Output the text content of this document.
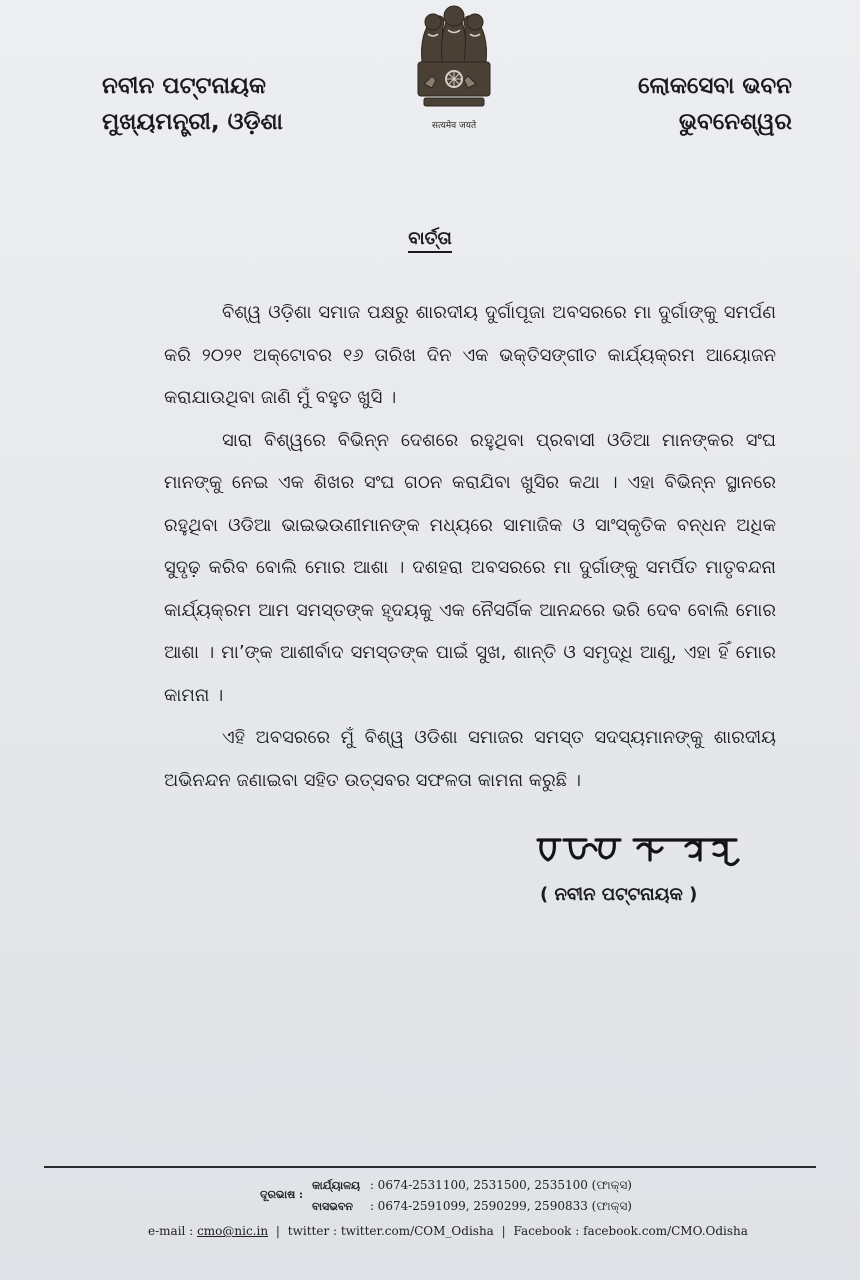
सत्यमेव जयते
ନବୀନ ପଟ୍ଟନାୟକ
ମୁଖ୍ୟମନ୍ତ୍ରୀ, ଓଡ଼ିଶା
ଲୋକସେବା ଭବନ
ଭୁବନେଶ୍ୱର
ବାର୍ତ୍ତା

ବିଶ୍ୱ ଓଡ଼ିଶା ସମାଜ ପକ୍ଷରୁ ଶାରଦୀୟ ଦୁର୍ଗାପୂଜା ଅବସରରେ ମା ଦୁର୍ଗାଙ୍କୁ ସମର୍ପଣ କରି ୨୦୨୧ ଅକ୍ଟୋବର ୧୬ ତାରିଖ ଦିନ ଏକ ଭକ୍ତିସଙ୍ଗୀତ କାର୍ଯ୍ୟକ୍ରମ ଆୟୋଜନ କରାଯାଉଥିବା ଜାଣି ମୁଁ ବହୁତ ଖୁସି ।

ସାରା ବିଶ୍ୱରେ ବିଭିନ୍ନ ଦେଶରେ ରହୁଥିବା ପ୍ରବାସୀ ଓଡିଆ ମାନଙ୍କର ସଂଘ ମାନଙ୍କୁ ନେଇ ଏକ ଶିଖର ସଂଘ ଗଠନ କରାଯିବା ଖୁସିର କଥା । ଏହା ବିଭିନ୍ନ ସ୍ଥାନରେ ରହୁଥିବା ଓଡିଆ ଭାଇଭଉଣୀମାନଙ୍କ ମଧ୍ୟରେ ସାମାଜିକ ଓ ସାଂସ୍କୃତିକ ବନ୍ଧନ ଅଧିକ ସୁଦୃଢ଼ କରିବ ବୋଲି ମୋର ଆଶା । ଦଶହରା ଅବସରରେ ମା ଦୁର୍ଗାଙ୍କୁ ସମର୍ପିତ ମାତୃବନ୍ଦନା କାର୍ଯ୍ୟକ୍ରମ ଆମ ସମସ୍ତଙ୍କ ହୃଦୟକୁ ଏକ ନୈସର୍ଗିକ ଆନନ୍ଦରେ ଭରି ଦେବ ବୋଲି ମୋର ଆଶା । ମା’ଙ୍କ ଆଶୀର୍ବାଦ ସମସ୍ତଙ୍କ ପାଇଁ ସୁଖ, ଶାନ୍ତି ଓ ସମୃଦ୍ଧି ଆଣୁ, ଏହା ହିଁ ମୋର କାମନା ।

ଏହି ଅବସରରେ ମୁଁ ବିଶ୍ୱ ଓଡିଶା ସମାଜର ସମସ୍ତ ସଦସ୍ୟମାନଙ୍କୁ ଶାରଦୀୟ ଅଭିନନ୍ଦନ ଜଣାଇବା ସହିତ ଉତ୍ସବର ସଫଳତା କାମନା କରୁଛି ।

( ନବୀନ ପଟ୍ଟନାୟକ )
ଦୂରଭାଷ :
କାର୍ଯ୍ୟାଳୟ : 0674-2531100, 2531500, 2535100 (ଫାକ୍ସ)
ବାସଭବନ : 0674-2591099, 2590299, 2590833 (ଫାକ୍ସ)
e-mail : cmo@nic.in | twitter : twitter.com/COM_Odisha | Facebook : facebook.com/CMO.Odisha
